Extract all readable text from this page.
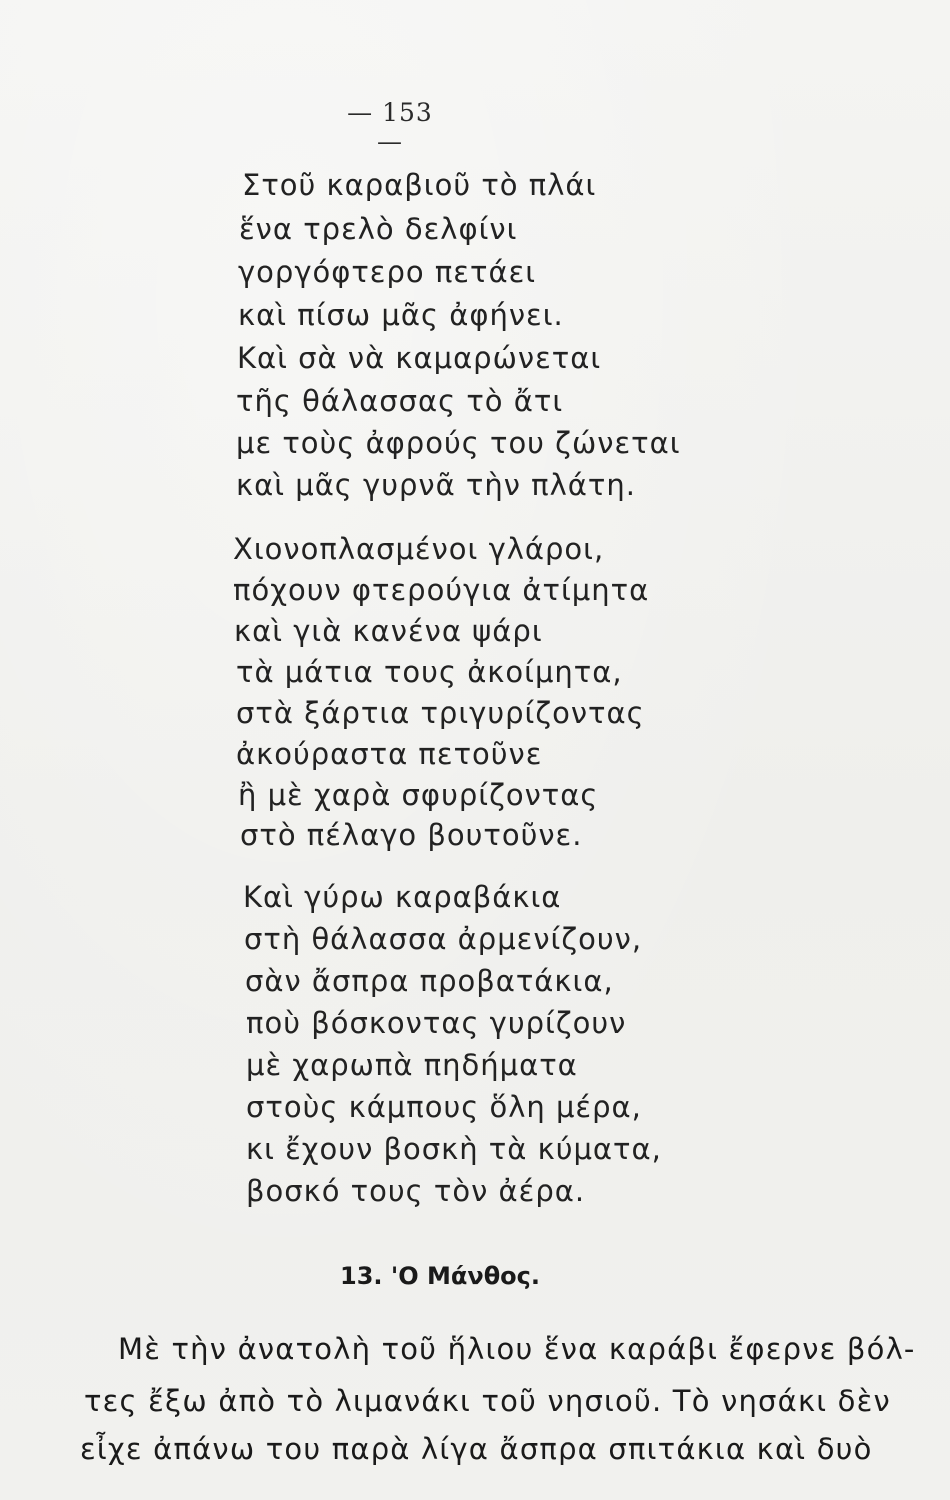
— 153 —
Στοῦ καραβιοῦ τὸ πλάι
ἕνα τρελὸ δελφίνι
γοργόφτερο πετάει
καὶ πίσω μᾶς ἀφήνει.
Καὶ σὰ νὰ καμαρώνεται
τῆς θάλασσας τὸ ἄτι
με τοὺς ἀφρούς του ζώνεται
καὶ μᾶς γυρνᾶ τὴν πλάτη.
Χιονοπλασμένοι γλάροι,
πόχουν φτερούγια ἀτίμητα
καὶ γιὰ κανένα ψάρι
τὰ μάτια τους ἀκοίμητα,
στὰ ξάρτια τριγυρίζοντας
ἀκούραστα πετοῦνε
ἢ μὲ χαρὰ σφυρίζοντας
στὸ πέλαγο βουτοῦνε.
Καὶ γύρω καραβάκια
στὴ θάλασσα ἀρμενίζουν,
σὰν ἄσπρα προβατάκια,
ποὺ βόσκοντας γυρίζουν
μὲ χαρωπὰ πηδήματα
στοὺς κάμπους ὅλη μέρα,
κι ἔχουν βοσκὴ τὰ κύματα,
βοσκό τους τὸν ἀέρα.
13. 'Ο Μάνθος.
Μὲ τὴν ἀνατολὴ τοῦ ἥλιου ἕνα καράβι ἔφερνε βόλ-
τες ἔξω ἀπὸ τὸ λιμανάκι τοῦ νησιοῦ. Τὸ νησάκι δὲν
εἶχε ἀπάνω του παρὰ λίγα ἄσπρα σπιτάκια καὶ δυὸ
